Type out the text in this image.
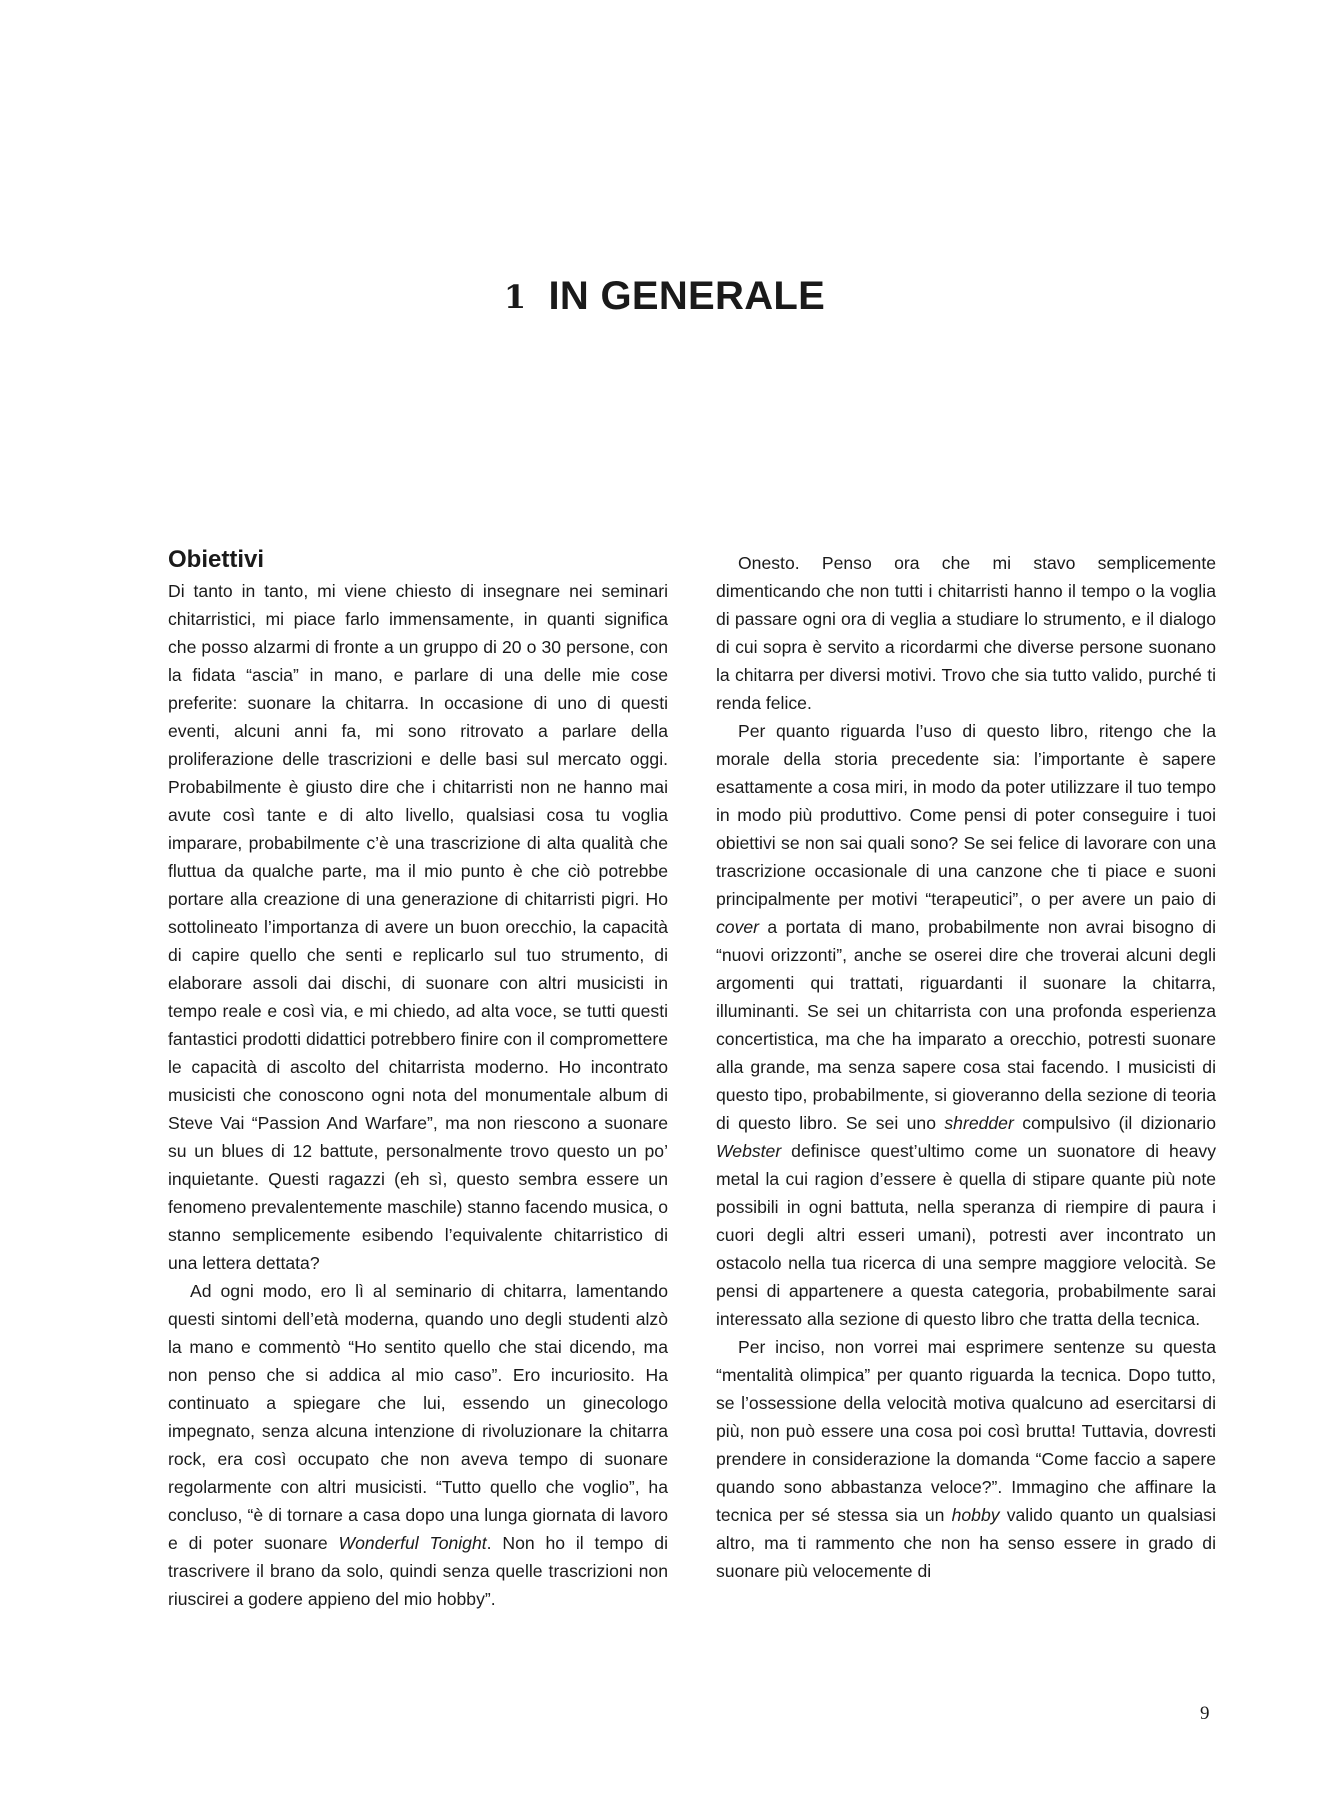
1 IN GENERALE
Obiettivi

Di tanto in tanto, mi viene chiesto di insegnare nei seminari chitarristici, mi piace farlo immensamente, in quanti significa che posso alzarmi di fronte a un gruppo di 20 o 30 persone, con la fidata “ascia” in mano, e parlare di una delle mie cose preferite: suonare la chitarra. In occasione di uno di questi eventi, alcuni anni fa, mi sono ritrovato a parlare della proliferazione delle trascrizioni e delle basi sul mercato oggi. Probabilmente è giusto dire che i chitarristi non ne hanno mai avute così tante e di alto livello, qualsiasi cosa tu voglia imparare, probabilmente c’è una trascrizione di alta qualità che fluttua da qualche parte, ma il mio punto è che ciò potrebbe portare alla creazione di una generazione di chitarristi pigri. Ho sottolineato l’importanza di avere un buon orecchio, la capacità di capire quello che senti e replicarlo sul tuo strumento, di elaborare assoli dai dischi, di suonare con altri musicisti in tempo reale e così via, e mi chiedo, ad alta voce, se tutti questi fantastici prodotti didattici potrebbero finire con il compromettere le capacità di ascolto del chitarrista moderno. Ho incontrato musicisti che conoscono ogni nota del monumentale album di Steve Vai “Passion And Warfare”, ma non riescono a suonare su un blues di 12 battute, personalmente trovo questo un po’ inquietante. Questi ragazzi (eh sì, questo sembra essere un fenomeno prevalentemente maschile) stanno facendo musica, o stanno semplicemente esibendo l’equivalente chitarristico di una lettera dettata?

Ad ogni modo, ero lì al seminario di chitarra, lamentando questi sintomi dell’età moderna, quando uno degli studenti alzò la mano e commentò “Ho sentito quello che stai dicendo, ma non penso che si addica al mio caso”. Ero incuriosito. Ha continuato a spiegare che lui, essendo un ginecologo impegnato, senza alcuna intenzione di rivoluzionare la chitarra rock, era così occupato che non aveva tempo di suonare regolarmente con altri musicisti. “Tutto quello che voglio”, ha concluso, “è di tornare a casa dopo una lunga giornata di lavoro e di poter suonare Wonderful Tonight. Non ho il tempo di trascrivere il brano da solo, quindi senza quelle trascrizioni non riuscirei a godere appieno del mio hobby”.

Onesto. Penso ora che mi stavo semplicemente dimenticando che non tutti i chitarristi hanno il tempo o la voglia di passare ogni ora di veglia a studiare lo strumento, e il dialogo di cui sopra è servito a ricordarmi che diverse persone suonano la chitarra per diversi motivi. Trovo che sia tutto valido, purché ti renda felice.

Per quanto riguarda l’uso di questo libro, ritengo che la morale della storia precedente sia: l’importante è sapere esattamente a cosa miri, in modo da poter utilizzare il tuo tempo in modo più produttivo. Come pensi di poter conseguire i tuoi obiettivi se non sai quali sono? Se sei felice di lavorare con una trascrizione occasionale di una canzone che ti piace e suoni principalmente per motivi “terapeutici”, o per avere un paio di cover a portata di mano, probabilmente non avrai bisogno di “nuovi orizzonti”, anche se oserei dire che troverai alcuni degli argomenti qui trattati, riguardanti il suonare la chitarra, illuminanti. Se sei un chitarrista con una profonda esperienza concertistica, ma che ha imparato a orecchio, potresti suonare alla grande, ma senza sapere cosa stai facendo. I musicisti di questo tipo, probabilmente, si gioveranno della sezione di teoria di questo libro. Se sei uno shredder compulsivo (il dizionario Webster definisce quest’ultimo come un suonatore di heavy metal la cui ragion d’essere è quella di stipare quante più note possibili in ogni battuta, nella speranza di riempire di paura i cuori degli altri esseri umani), potresti aver incontrato un ostacolo nella tua ricerca di una sempre maggiore velocità. Se pensi di appartenere a questa categoria, probabilmente sarai interessato alla sezione di questo libro che tratta della tecnica.

Per inciso, non vorrei mai esprimere sentenze su questa “mentalità olimpica” per quanto riguarda la tecnica. Dopo tutto, se l’ossessione della velocità motiva qualcuno ad esercitarsi di più, non può essere una cosa poi così brutta! Tuttavia, dovresti prendere in considerazione la domanda “Come faccio a sapere quando sono abbastanza veloce?”. Immagino che affinare la tecnica per sé stessa sia un hobby valido quanto un qualsiasi altro, ma ti rammento che non ha senso essere in grado di suonare più velocemente di

9
